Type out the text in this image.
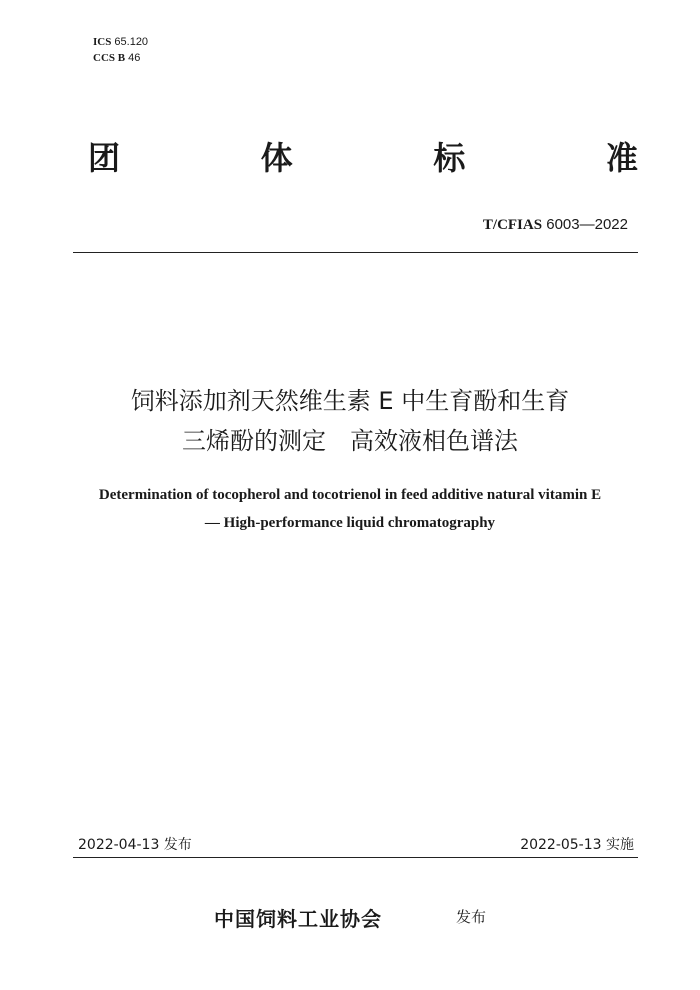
ICS 65.120
CCS B 46
团	体	标	准
T/CFIAS 6003—2022
饲料添加剂天然维生素 E 中生育酚和生育
三烯酚的测定　高效液相色谱法
Determination of tocopherol and tocotrienol in feed additive natural vitamin E
— High-performance liquid chromatography
2022-04-13 发布	2022-05-13 实施
中国饲料工业协会	发布
